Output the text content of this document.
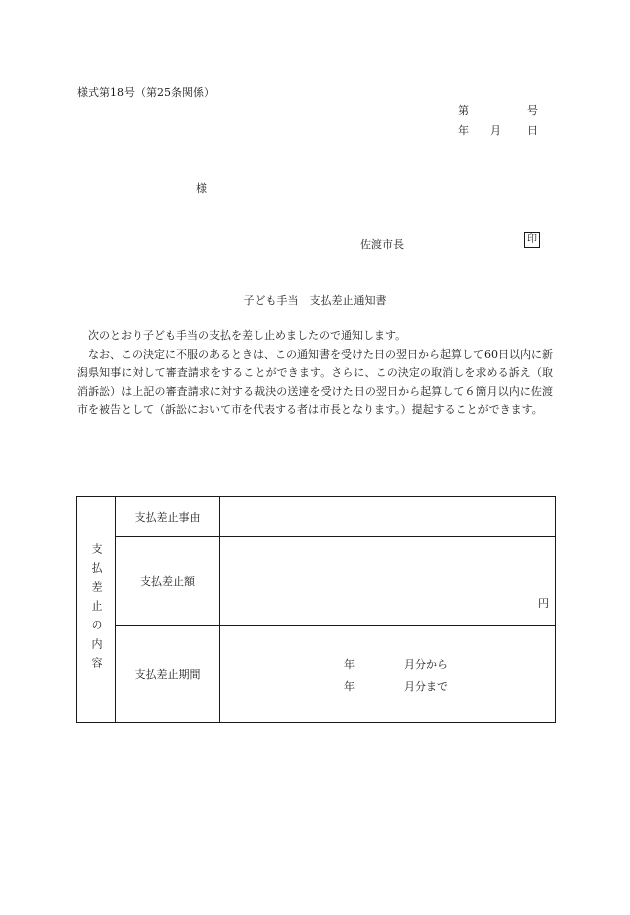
様式第18号（第25条関係）
第	号
年 月 日
様
佐渡市長	印
子ども手当　支払差止通知書

次のとおり子ども手当の支払を差し止めましたので通知します。

なお、この決定に不服のあるときは、この通知書を受けた日の翌日から起算して60日以内に新潟県知事に対して審査請求をすることができます。さらに、この決定の取消しを求める訴え（取消訴訟）は上記の審査請求に対する裁決の送達を受けた日の翌日から起算して６箇月以内に佐渡市を被告として（訴訟において市を代表する者は市長となります。）提起することができます。

支払差止の内容	支払差止事由	
	支払差止額	円

	支払差止期間	年 月分から
年 月分まで
